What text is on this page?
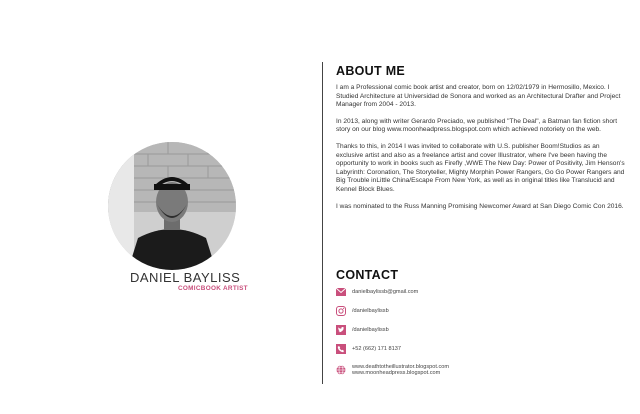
DANIEL BAYLISS
COMICBOOK ARTIST
ABOUT ME

I am a Professional comic book artist and creator, born on 12/02/1979 in Hermosillo, Mexico. I Studied Architecture at Universidad de Sonora and worked as an Architectural Drafter and Project Manager from 2004 - 2013.

In 2013, along with writer Gerardo Preciado, we published "The Deal", a Batman fan fiction short story on our blog www.moonheadpress.blogspot.com which achieved notoriety on the web.

Thanks to this, in 2014 I was invited to collaborate with U.S. publisher Boom!Studios as an exclusive artist and also as a freelance artist and cover Illustrator, where I've been having the opportunity to work in books such as Firefly ,WWE The New Day: Power of Positivity, Jim Henson's Labyrinth: Coronation, The Storyteller, Mighty Morphin Power Rangers, Go Go Power Rangers and Big Trouble inLittle China/Escape From New York, as well as in original titles like Translucid and Kennel Block Blues.

I was nominated to the Russ Manning Promising Newcomer Award at San Diego Comic Con 2016.

CONTACT
danielbaylissb@gmail.com
/danielbaylissb
/danielbaylissb
+52 (662) 171 8137
www.deathtotheillustrator.blogspot.com
www.moonheadpress.blogspot.com
